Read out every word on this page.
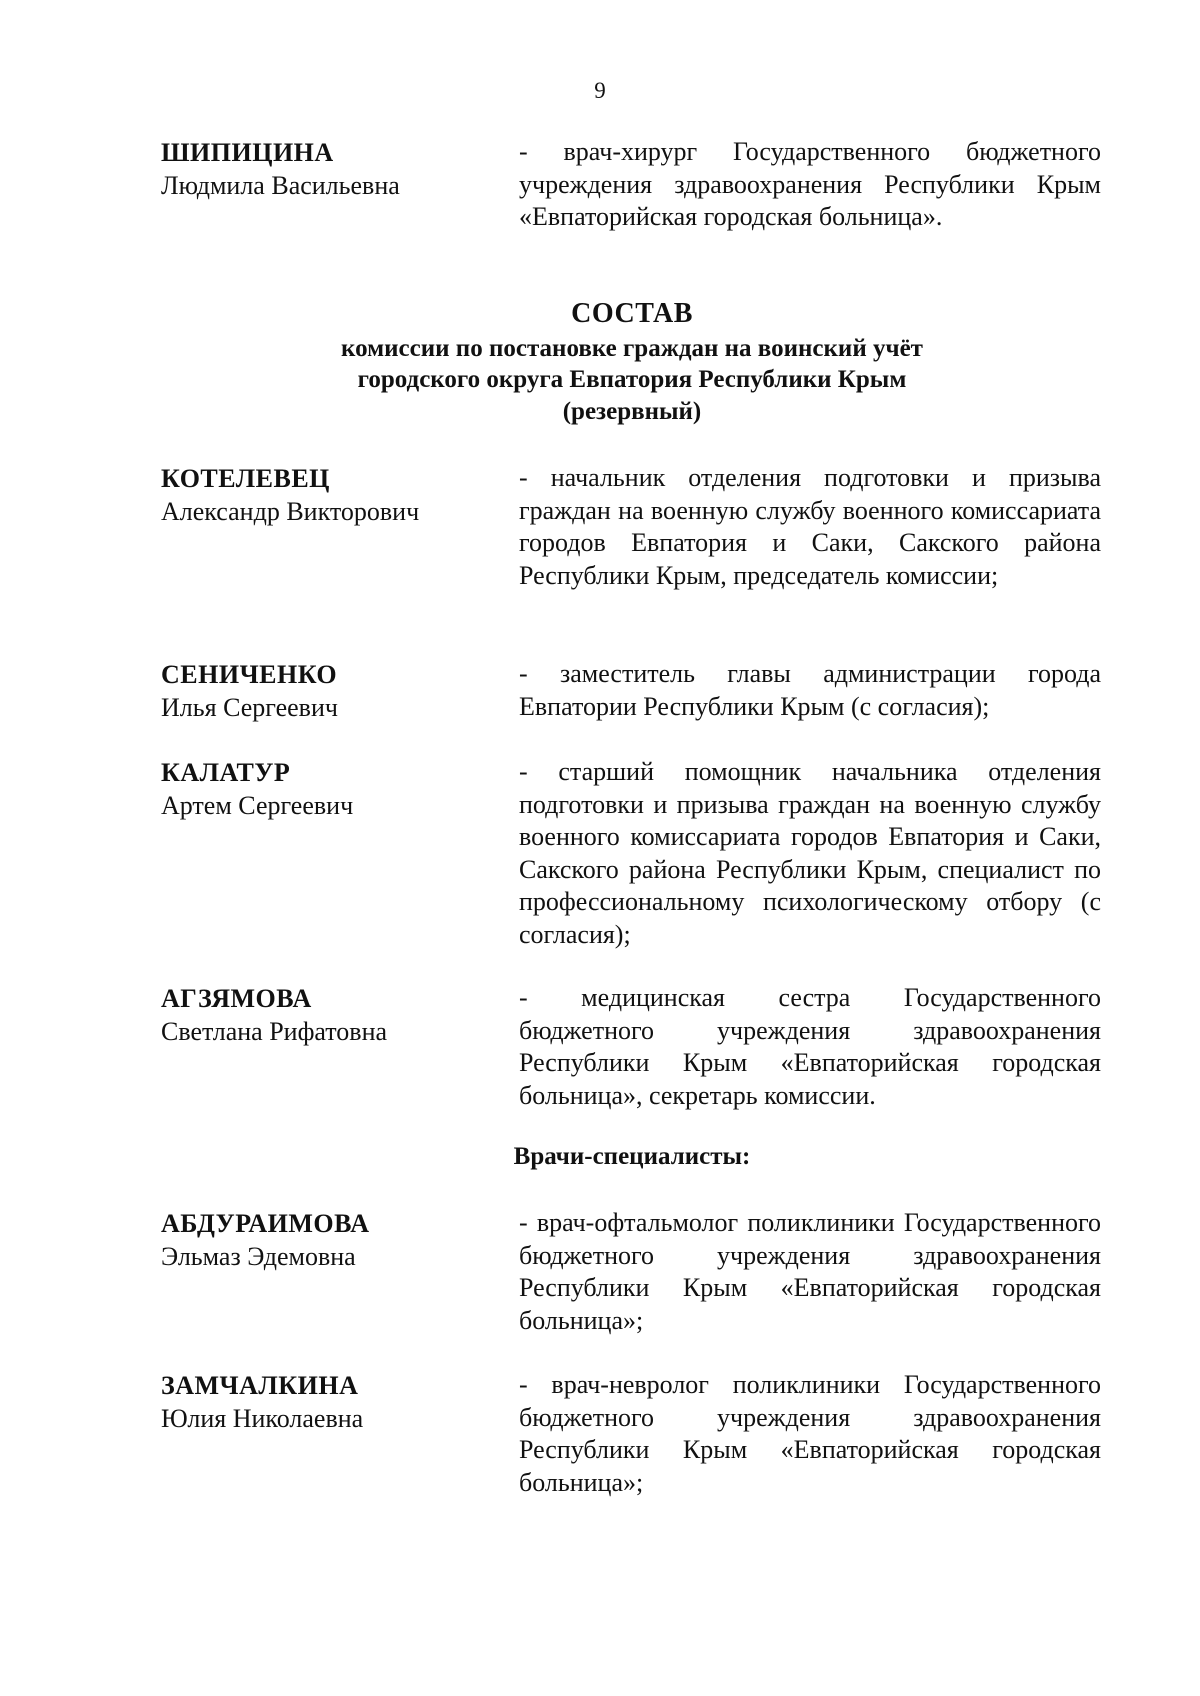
9
ШИПИЦИНА
Людмила Васильевна
- врач-хирург Государственного бюджетного учреждения здравоохранения Республики Крым «Евпаторийская городская больница».
СОСТАВ
комиссии по постановке граждан на воинский учёт
городского округа Евпатория Республики Крым
(резервный)
КОТЕЛЕВЕЦ
Александр Викторович
- начальник отделения подготовки и призыва граждан на военную службу военного комиссариата городов Евпатория и Саки, Сакского района Республики Крым, председатель комиссии;
СЕНИЧЕНКО
Илья Сергеевич
- заместитель главы администрации города Евпатории Республики Крым (с согласия);
КАЛАТУР
Артем Сергеевич
- старший помощник начальника отделения подготовки и призыва граждан на военную службу военного комиссариата городов Евпатория и Саки, Сакского района Республики Крым, специалист по профессиональному психологическому отбору (с согласия);
АГЗЯМОВА
Светлана Рифатовна
- медицинская сестра Государственного бюджетного учреждения здравоохранения Республики Крым «Евпаторийская городская больница», секретарь комиссии.
Врачи-специалисты:
АБДУРАИМОВА
Эльмаз Эдемовна
- врач-офтальмолог поликлиники Государственного бюджетного учреждения здравоохранения Республики Крым «Евпаторийская городская больница»;
ЗАМЧАЛКИНА
Юлия Николаевна
- врач-невролог поликлиники Государственного бюджетного учреждения здравоохранения Республики Крым «Евпаторийская городская больница»;
